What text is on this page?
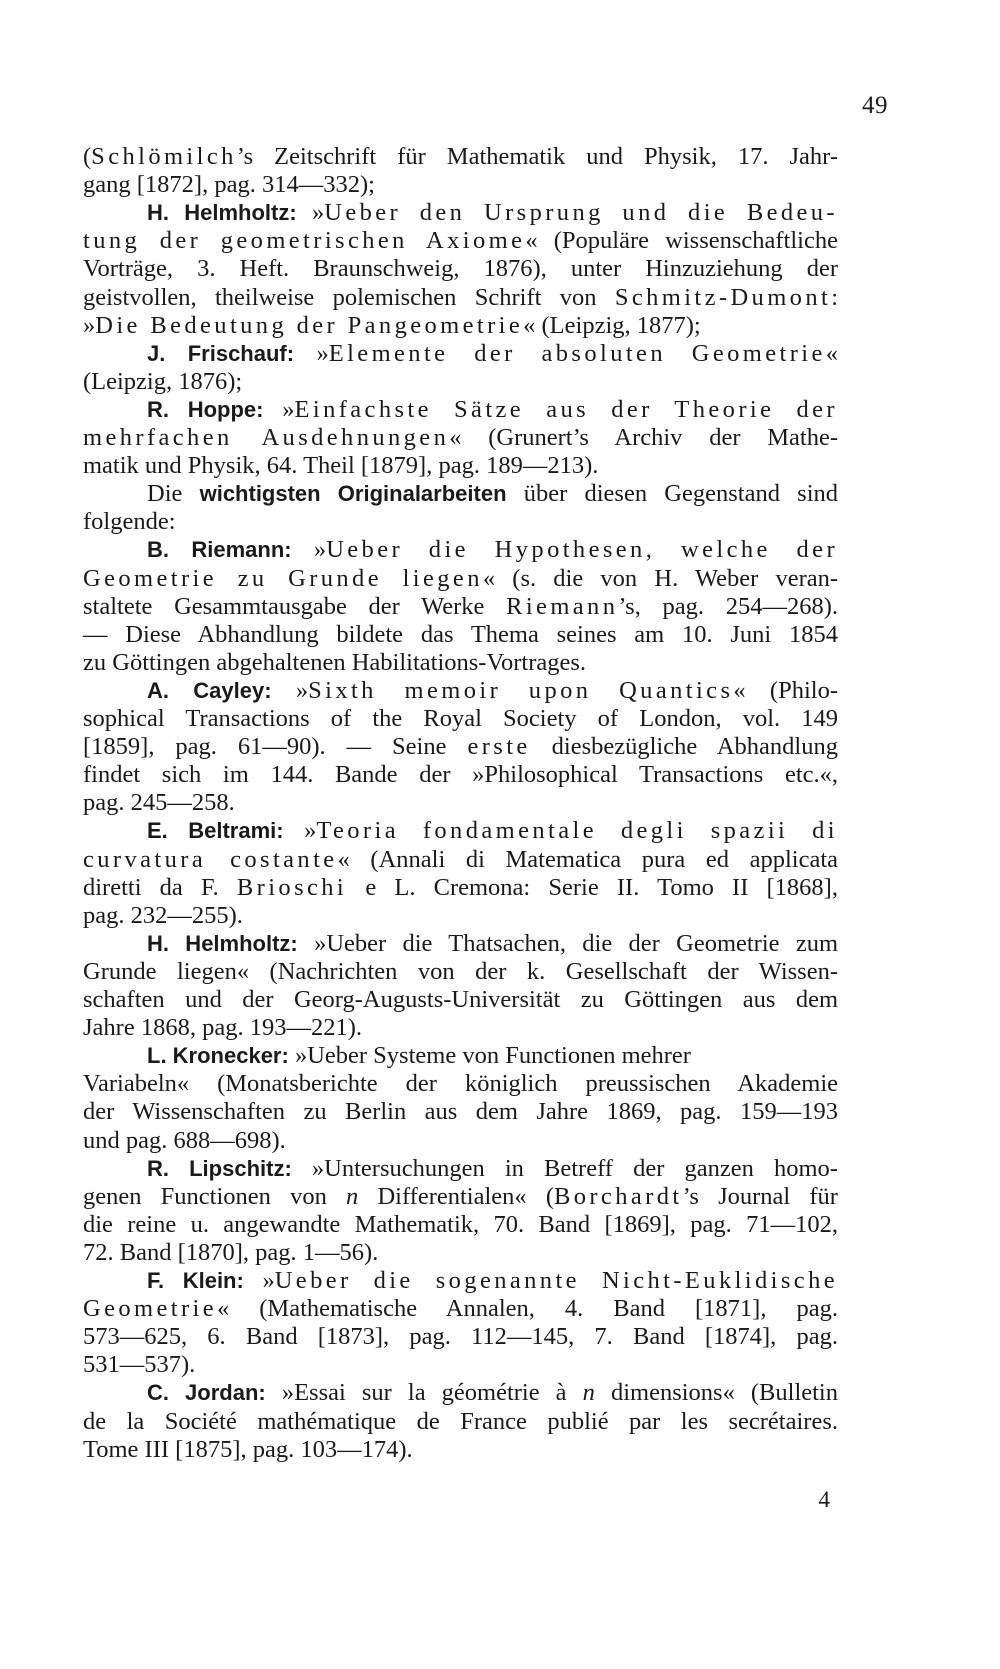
49
(Schlömilch’s Zeitschrift für Mathematik und Physik, 17. Jahr-
gang [1872], pag. 314—332);
H. Helmholtz: »Ueber den Ursprung und die Bedeu-
tung der geometrischen Axiome« (Populäre wissenschaftliche
Vorträge, 3. Heft. Braunschweig, 1876), unter Hinzuziehung der
geistvollen, theilweise polemischen Schrift von Schmitz-Dumont:
»Die Bedeutung der Pangeometrie« (Leipzig, 1877);
J. Frischauf: »Elemente der absoluten Geometrie«
(Leipzig, 1876);
R. Hoppe: »Einfachste Sätze aus der Theorie der
mehrfachen Ausdehnungen« (Grunert’s Archiv der Mathe-
matik und Physik, 64. Theil [1879], pag. 189—213).
Die wichtigsten Originalarbeiten über diesen Gegenstand sind
folgende:
B. Riemann: »Ueber die Hypothesen, welche der
Geometrie zu Grunde liegen« (s. die von H. Weber veran-
staltete Gesammtausgabe der Werke Riemann’s, pag. 254—268).
— Diese Abhandlung bildete das Thema seines am 10. Juni 1854
zu Göttingen abgehaltenen Habilitations-Vortrages.
A. Cayley: »Sixth memoir upon Quantics« (Philo-
sophical Transactions of the Royal Society of London, vol. 149
[1859], pag. 61—90). — Seine erste diesbezügliche Abhandlung
findet sich im 144. Bande der »Philosophical Transactions etc.«,
pag. 245—258.
E. Beltrami: »Teoria fondamentale degli spazii di
curvatura costante« (Annali di Matematica pura ed applicata
diretti da F. Brioschi e L. Cremona: Serie II. Tomo II [1868],
pag. 232—255).
H. Helmholtz: »Ueber die Thatsachen, die der Geometrie zum
Grunde liegen« (Nachrichten von der k. Gesellschaft der Wissen-
schaften und der Georg-Augusts-Universität zu Göttingen aus dem
Jahre 1868, pag. 193—221).
L. Kronecker: »Ueber Systeme von Functionen mehrer
Variabeln« (Monatsberichte der königlich preussischen Akademie
der Wissenschaften zu Berlin aus dem Jahre 1869, pag. 159—193
und pag. 688—698).
R. Lipschitz: »Untersuchungen in Betreff der ganzen homo-
genen Functionen von n Differentialen« (Borchardt’s Journal für
die reine u. angewandte Mathematik, 70. Band [1869], pag. 71—102,
72. Band [1870], pag. 1—56).
F. Klein: »Ueber die sogenannte Nicht-Euklidische
Geometrie« (Mathematische Annalen, 4. Band [1871], pag.
573—625, 6. Band [1873], pag. 112—145, 7. Band [1874], pag.
531—537).
C. Jordan: »Essai sur la géométrie à n dimensions« (Bulletin
de la Société mathématique de France publié par les secrétaires.
Tome III [1875], pag. 103—174).
4
